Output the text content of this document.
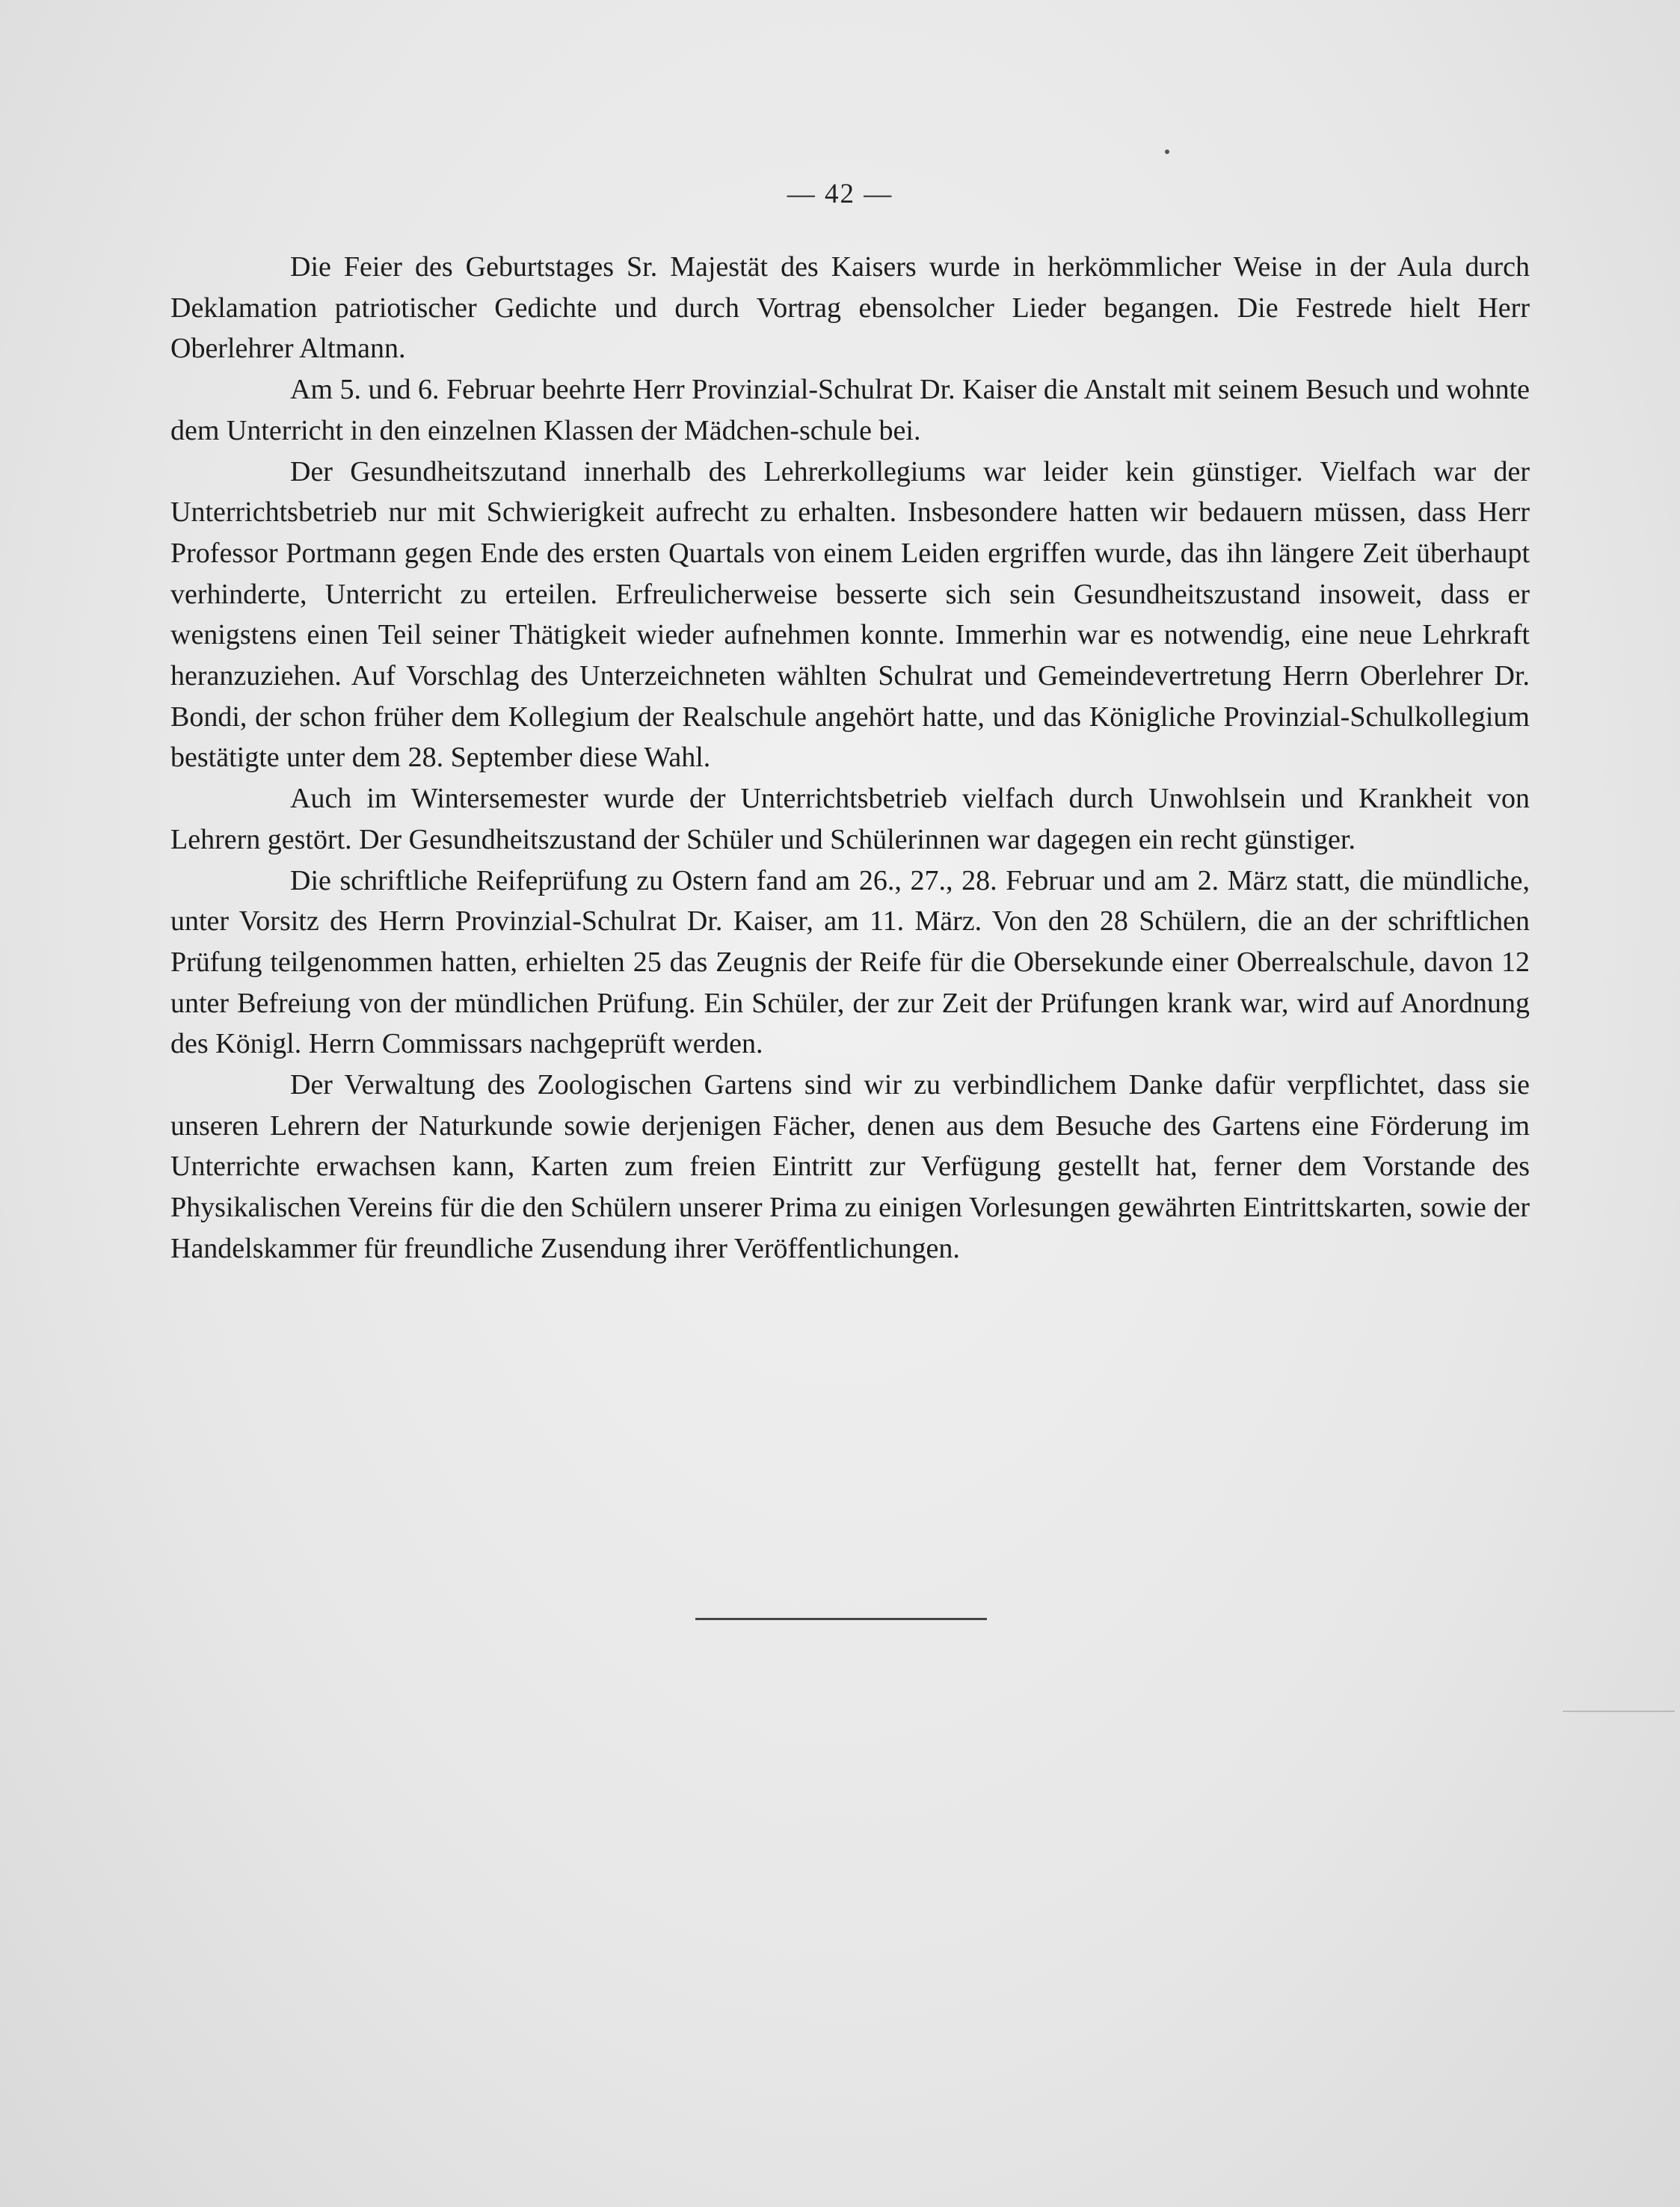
— 42 —

Die Feier des Geburtstages Sr. Majestät des Kaisers wurde in herkömmlicher Weise in der Aula durch Deklamation patriotischer Gedichte und durch Vortrag ebensolcher Lieder begangen. Die Festrede hielt Herr Oberlehrer Altmann.

Am 5. und 6. Februar beehrte Herr Provinzial-Schulrat Dr. Kaiser die Anstalt mit seinem Besuch und wohnte dem Unterricht in den einzelnen Klassen der Mädchen-schule bei.

Der Gesundheitszutand innerhalb des Lehrerkollegiums war leider kein günstiger. Vielfach war der Unterrichtsbetrieb nur mit Schwierigkeit aufrecht zu erhalten. Insbesondere hatten wir bedauern müssen, dass Herr Professor Portmann gegen Ende des ersten Quartals von einem Leiden ergriffen wurde, das ihn längere Zeit überhaupt verhinderte, Unterricht zu erteilen. Erfreulicherweise besserte sich sein Gesundheitszustand insoweit, dass er wenigstens einen Teil seiner Thätigkeit wieder aufnehmen konnte. Immerhin war es notwendig, eine neue Lehrkraft heranzuziehen. Auf Vorschlag des Unterzeichneten wählten Schulrat und Gemeindevertretung Herrn Oberlehrer Dr. Bondi, der schon früher dem Kollegium der Realschule angehört hatte, und das Königliche Provinzial-Schulkollegium bestätigte unter dem 28. September diese Wahl.

Auch im Wintersemester wurde der Unterrichtsbetrieb vielfach durch Unwohlsein und Krankheit von Lehrern gestört. Der Gesundheitszustand der Schüler und Schülerinnen war dagegen ein recht günstiger.

Die schriftliche Reifeprüfung zu Ostern fand am 26., 27., 28. Februar und am 2. März statt, die mündliche, unter Vorsitz des Herrn Provinzial-Schulrat Dr. Kaiser, am 11. März. Von den 28 Schülern, die an der schriftlichen Prüfung teilgenommen hatten, erhielten 25 das Zeugnis der Reife für die Obersekunde einer Oberrealschule, davon 12 unter Befreiung von der mündlichen Prüfung. Ein Schüler, der zur Zeit der Prüfungen krank war, wird auf Anordnung des Königl. Herrn Commissars nachgeprüft werden.

Der Verwaltung des Zoologischen Gartens sind wir zu verbindlichem Danke dafür verpflichtet, dass sie unseren Lehrern der Naturkunde sowie derjenigen Fächer, denen aus dem Besuche des Gartens eine Förderung im Unterrichte erwachsen kann, Karten zum freien Eintritt zur Verfügung gestellt hat, ferner dem Vorstande des Physikalischen Vereins für die den Schülern unserer Prima zu einigen Vorlesungen gewährten Eintrittskarten, sowie der Handelskammer für freundliche Zusendung ihrer Veröffentlichungen.
